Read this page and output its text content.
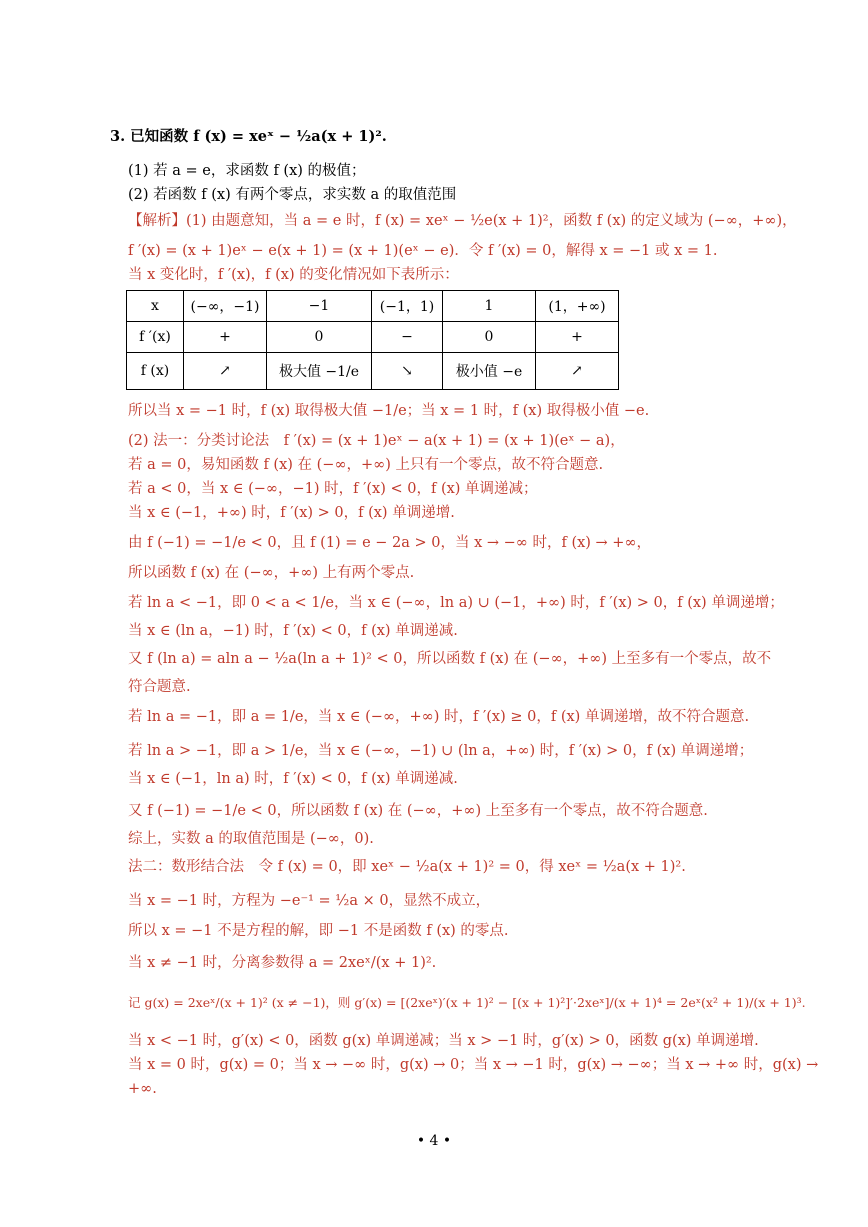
3. 已知函数 f (x) = xeˣ − ½a(x + 1)².
(1) 若 a = e，求函数 f (x) 的极值；
(2) 若函数 f (x) 有两个零点，求实数 a 的取值范围
【解析】(1) 由题意知，当 a = e 时，f (x) = xeˣ − ½e(x + 1)²，函数 f (x) 的定义域为 (−∞，+∞)，
f ′(x) = (x + 1)eˣ − e(x + 1) = (x + 1)(eˣ − e)．令 f ′(x) = 0，解得 x = −1 或 x = 1.
当 x 变化时，f ′(x)，f (x) 的变化情况如下表所示：
x	(−∞，−1)	−1	(−1，1)	1	(1，+∞)
f ′(x)	+	0	−	0	+
f (x)	↗	极大值 −1/e	↘	极小值 −e	↗
所以当 x = −1 时，f (x) 取得极大值 −1/e；当 x = 1 时，f (x) 取得极小值 −e.
(2) 法一：分类讨论法　f ′(x) = (x + 1)eˣ − a(x + 1) = (x + 1)(eˣ − a)，
若 a = 0，易知函数 f (x) 在 (−∞，+∞) 上只有一个零点，故不符合题意.
若 a < 0，当 x ∈ (−∞，−1) 时，f ′(x) < 0，f (x) 单调递减；
当 x ∈ (−1，+∞) 时，f ′(x) > 0，f (x) 单调递增.
由 f (−1) = −1/e < 0，且 f (1) = e − 2a > 0，当 x → −∞ 时，f (x) → +∞，
所以函数 f (x) 在 (−∞，+∞) 上有两个零点.
若 ln a < −1，即 0 < a < 1/e，当 x ∈ (−∞，ln a) ∪ (−1，+∞) 时，f ′(x) > 0，f (x) 单调递增；
当 x ∈ (ln a，−1) 时，f ′(x) < 0，f (x) 单调递减.
又 f (ln a) = aln a − ½a(ln a + 1)² < 0，所以函数 f (x) 在 (−∞，+∞) 上至多有一个零点，故不
符合题意.
若 ln a = −1，即 a = 1/e，当 x ∈ (−∞，+∞) 时，f ′(x) ≥ 0，f (x) 单调递增，故不符合题意.
若 ln a > −1，即 a > 1/e，当 x ∈ (−∞，−1) ∪ (ln a，+∞) 时，f ′(x) > 0，f (x) 单调递增；
当 x ∈ (−1，ln a) 时，f ′(x) < 0，f (x) 单调递减.
又 f (−1) = −1/e < 0，所以函数 f (x) 在 (−∞，+∞) 上至多有一个零点，故不符合题意.
综上，实数 a 的取值范围是 (−∞，0).
法二：数形结合法　令 f (x) = 0，即 xeˣ − ½a(x + 1)² = 0，得 xeˣ = ½a(x + 1)².
当 x = −1 时，方程为 −e⁻¹ = ½a × 0，显然不成立，
所以 x = −1 不是方程的解，即 −1 不是函数 f (x) 的零点.
当 x ≠ −1 时，分离参数得 a = 2xeˣ/(x + 1)².
记 g(x) = 2xeˣ/(x + 1)² (x ≠ −1)，则 g′(x) = [(2xeˣ)′(x + 1)² − [(x + 1)²]′·2xeˣ]/(x + 1)⁴ = 2eˣ(x² + 1)/(x + 1)³.
当 x < −1 时，g′(x) < 0，函数 g(x) 单调递减；当 x > −1 时，g′(x) > 0，函数 g(x) 单调递增.
当 x = 0 时，g(x) = 0；当 x → −∞ 时，g(x) → 0；当 x → −1 时，g(x) → −∞；当 x → +∞ 时，g(x) →
+∞.
• 4 •
